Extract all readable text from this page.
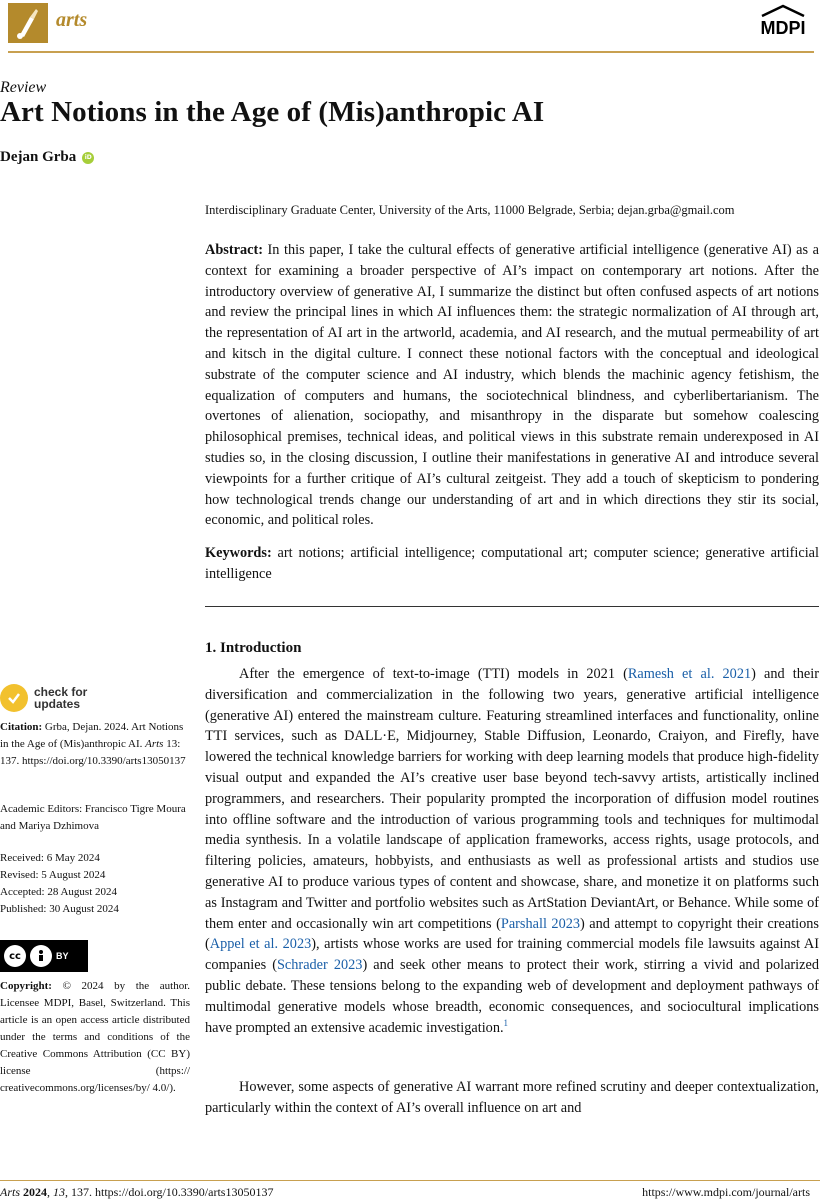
arts	MDPI
Review
Art Notions in the Age of (Mis)anthropic AI
Dejan Grba	iD
Interdisciplinary Graduate Center, University of the Arts, 11000 Belgrade, Serbia; dejan.grba@gmail.com
Abstract: In this paper, I take the cultural effects of generative artificial intelligence (generative AI) as a context for examining a broader perspective of AI’s impact on contemporary art notions. After the introductory overview of generative AI, I summarize the distinct but often confused aspects of art notions and review the principal lines in which AI influences them: the strategic normalization of AI through art, the representation of AI art in the artworld, academia, and AI research, and the mutual permeability of art and kitsch in the digital culture. I connect these notional factors with the conceptual and ideological substrate of the computer science and AI industry, which blends the machinic agency fetishism, the equalization of computers and humans, the sociotechnical blindness, and cyberlibertarianism. The overtones of alienation, sociopathy, and misanthropy in the disparate but somehow coalescing philosophical premises, technical ideas, and political views in this substrate remain underexposed in AI studies so, in the closing discussion, I outline their manifestations in generative AI and introduce several viewpoints for a further critique of AI’s cultural zeitgeist. They add a touch of skepticism to pondering how technological trends change our understanding of art and in which directions they stir its social, economic, and political roles.
Keywords: art notions; artificial intelligence; computational art; computer science; generative artificial intelligence
1. Introduction
After the emergence of text-to-image (TTI) models in 2021 (Ramesh et al. 2021) and their diversification and commercialization in the following two years, generative artificial intelligence (generative AI) entered the mainstream culture. Featuring streamlined interfaces and functionality, online TTI services, such as DALL·E, Midjourney, Stable Diffusion, Leonardo, Craiyon, and Firefly, have lowered the technical knowledge barriers for working with deep learning models that produce high-fidelity visual output and expanded the AI’s creative user base beyond tech-savvy artists, artistically inclined programmers, and researchers. Their popularity prompted the incorporation of diffusion model routines into offline software and the introduction of various programming tools and techniques for multimodal media synthesis. In a volatile landscape of application frameworks, access rights, usage protocols, and filtering policies, amateurs, hobbyists, and enthusiasts as well as professional artists and studios use generative AI to produce various types of content and showcase, share, and monetize it on platforms such as Instagram and Twitter and portfolio websites such as ArtStation DeviantArt, or Behance. While some of them enter and occasionally win art competitions (Parshall 2023) and attempt to copyright their creations (Appel et al. 2023), artists whose works are used for training commercial models file lawsuits against AI companies (Schrader 2023) and seek other means to protect their work, stirring a vivid and polarized public debate. These tensions belong to the expanding web of development and deployment pathways of multimodal generative models whose breadth, economic consequences, and sociocultural implications have prompted an extensive academic investigation.$^1$
However, some aspects of generative AI warrant more refined scrutiny and deeper contextualization, particularly within the context of AI’s overall influence on art and
check for
updates
Citation: Grba, Dejan. 2024. Art Notions in the Age of (Mis)anthropic AI. Arts 13: 137. https://doi.org/10.3390/arts13050137
Academic Editors: Francisco Tigre Moura and Mariya Dzhimova
Received: 6 May 2024
Revised: 5 August 2024
Accepted: 28 August 2024
Published: 30 August 2024
cc	BY
Copyright: © 2024 by the author. Licensee MDPI, Basel, Switzerland. This article is an open access article distributed under the terms and conditions of the Creative Commons Attribution (CC BY) license (https:// creativecommons.org/licenses/by/ 4.0/).
Arts 2024, 13, 137. https://doi.org/10.3390/arts13050137	https://www.mdpi.com/journal/arts
